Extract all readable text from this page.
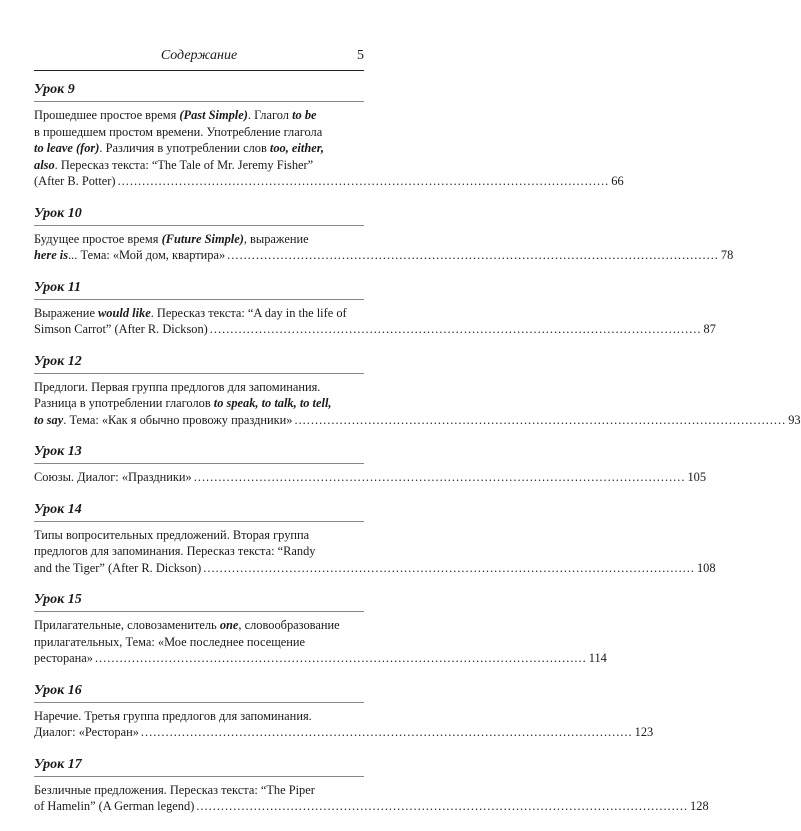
Содержание	5
Урок 9
Прошедшее простое время (Past Simple). Глагол to be
в прошедшем простом времени. Употребление глагола
to leave (for). Различия в употреблении слов too, either,
also. Пересказ текста: “The Tale of Mr. Jeremy Fisher”
(After B. Potter) ........................................................................................................................ 66
Урок 10
Будущее простое время (Future Simple), выражение
here is... Тема: «Мой дом, квартира» ........................................................................................................................ 78
Урок 11
Выражение would like. Пересказ текста: “A day in the life of
Simson Carrot” (After R. Dickson) ........................................................................................................................ 87
Урок 12
Предлоги. Первая группа предлогов для запоминания.
Разница в употреблении глаголов to speak, to talk, to tell,
to say. Тема: «Как я обычно провожу праздники» ........................................................................................................................ 93
Урок 13
Союзы. Диалог: «Праздники» ........................................................................................................................ 105
Урок 14
Типы вопросительных предложений. Вторая группа
предлогов для запоминания. Пересказ текста: “Randy
and the Tiger” (After R. Dickson) ........................................................................................................................ 108
Урок 15
Прилагательные, словозаменитель one, словообразование
прилагательных, Тема: «Мое последнее посещение
ресторана» ........................................................................................................................ 114
Урок 16
Наречие. Третья группа предлогов для запоминания.
Диалог: «Ресторан» ........................................................................................................................ 123
Урок 17
Безличные предложения. Пересказ текста: “The Piper
of Hamelin” (A German legend) ........................................................................................................................ 128
